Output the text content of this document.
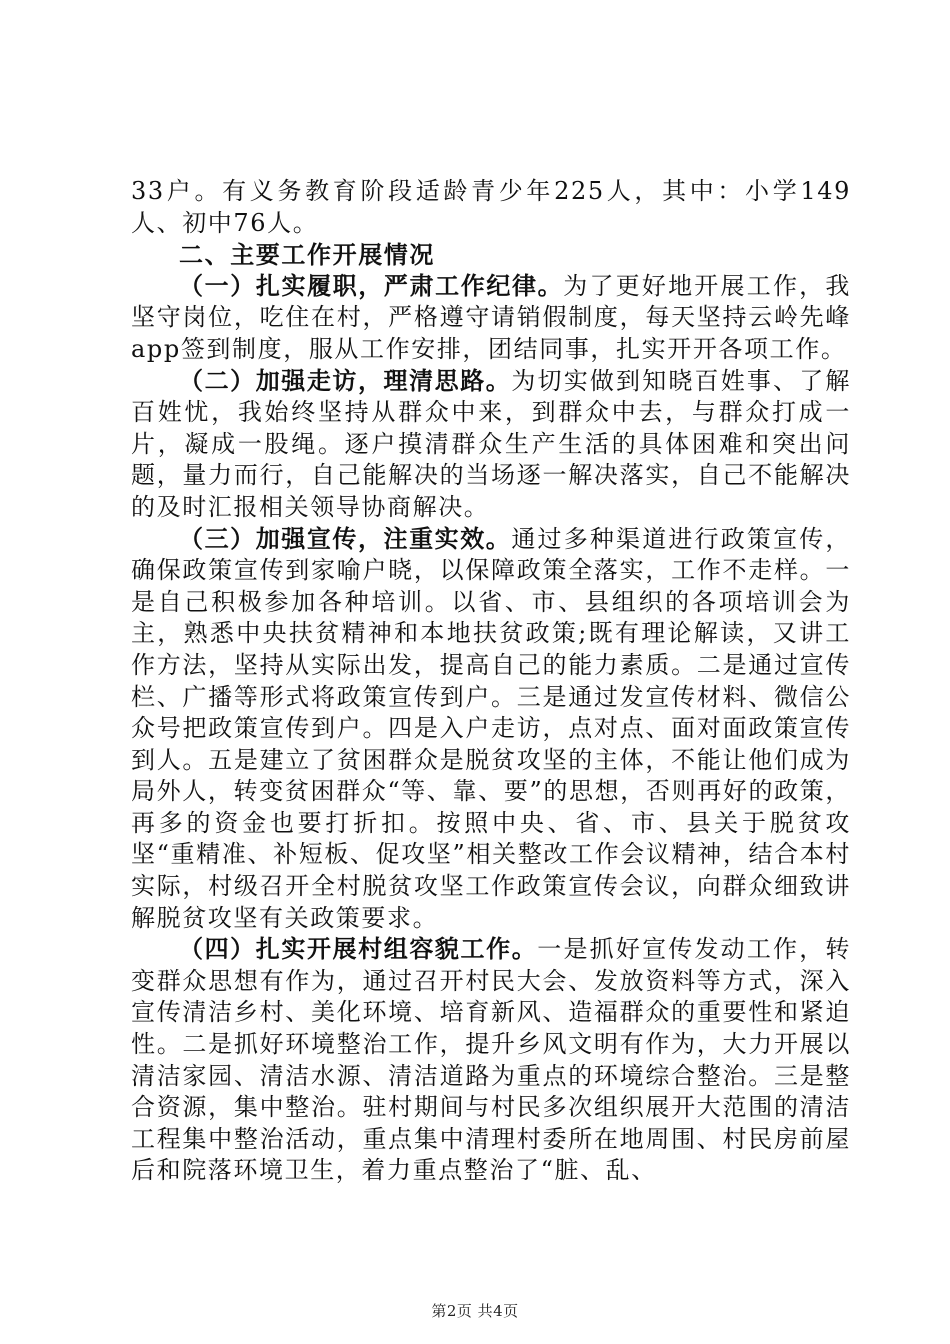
33户。有义务教育阶段适龄青少年225人，其中：小学149人、初中76人。

二、主要工作开展情况

（一）扎实履职，严肃工作纪律。为了更好地开展工作，我坚守岗位，吃住在村，严格遵守请销假制度，每天坚持云岭先峰app签到制度，服从工作安排，团结同事，扎实开开各项工作。

（二）加强走访，理清思路。为切实做到知晓百姓事、了解百姓忧，我始终坚持从群众中来，到群众中去，与群众打成一片，凝成一股绳。逐户摸清群众生产生活的具体困难和突出问题，量力而行，自己能解决的当场逐一解决落实，自己不能解决的及时汇报相关领导协商解决。

（三）加强宣传，注重实效。通过多种渠道进行政策宣传，确保政策宣传到家喻户晓，以保障政策全落实，工作不走样。一是自己积极参加各种培训。以省、市、县组织的各项培训会为主，熟悉中央扶贫精神和本地扶贫政策;既有理论解读，又讲工作方法，坚持从实际出发，提高自己的能力素质。二是通过宣传栏、广播等形式将政策宣传到户。三是通过发宣传材料、微信公众号把政策宣传到户。四是入户走访，点对点、面对面政策宣传到人。五是建立了贫困群众是脱贫攻坚的主体，不能让他们成为局外人，转变贫困群众“等、靠、要”的思想，否则再好的政策，再多的资金也要打折扣。按照中央、省、市、县关于脱贫攻坚“重精准、补短板、促攻坚”相关整改工作会议精神，结合本村实际，村级召开全村脱贫攻坚工作政策宣传会议，向群众细致讲解脱贫攻坚有关政策要求。

（四）扎实开展村组容貌工作。一是抓好宣传发动工作，转变群众思想有作为，通过召开村民大会、发放资料等方式，深入宣传清洁乡村、美化环境、培育新风、造福群众的重要性和紧迫性。二是抓好环境整治工作，提升乡风文明有作为，大力开展以清洁家园、清洁水源、清洁道路为重点的环境综合整治。三是整合资源，集中整治。驻村期间与村民多次组织展开大范围的清洁工程集中整治活动，重点集中清理村委所在地周围、村民房前屋后和院落环境卫生，着力重点整治了“脏、乱、

第2页 共4页
